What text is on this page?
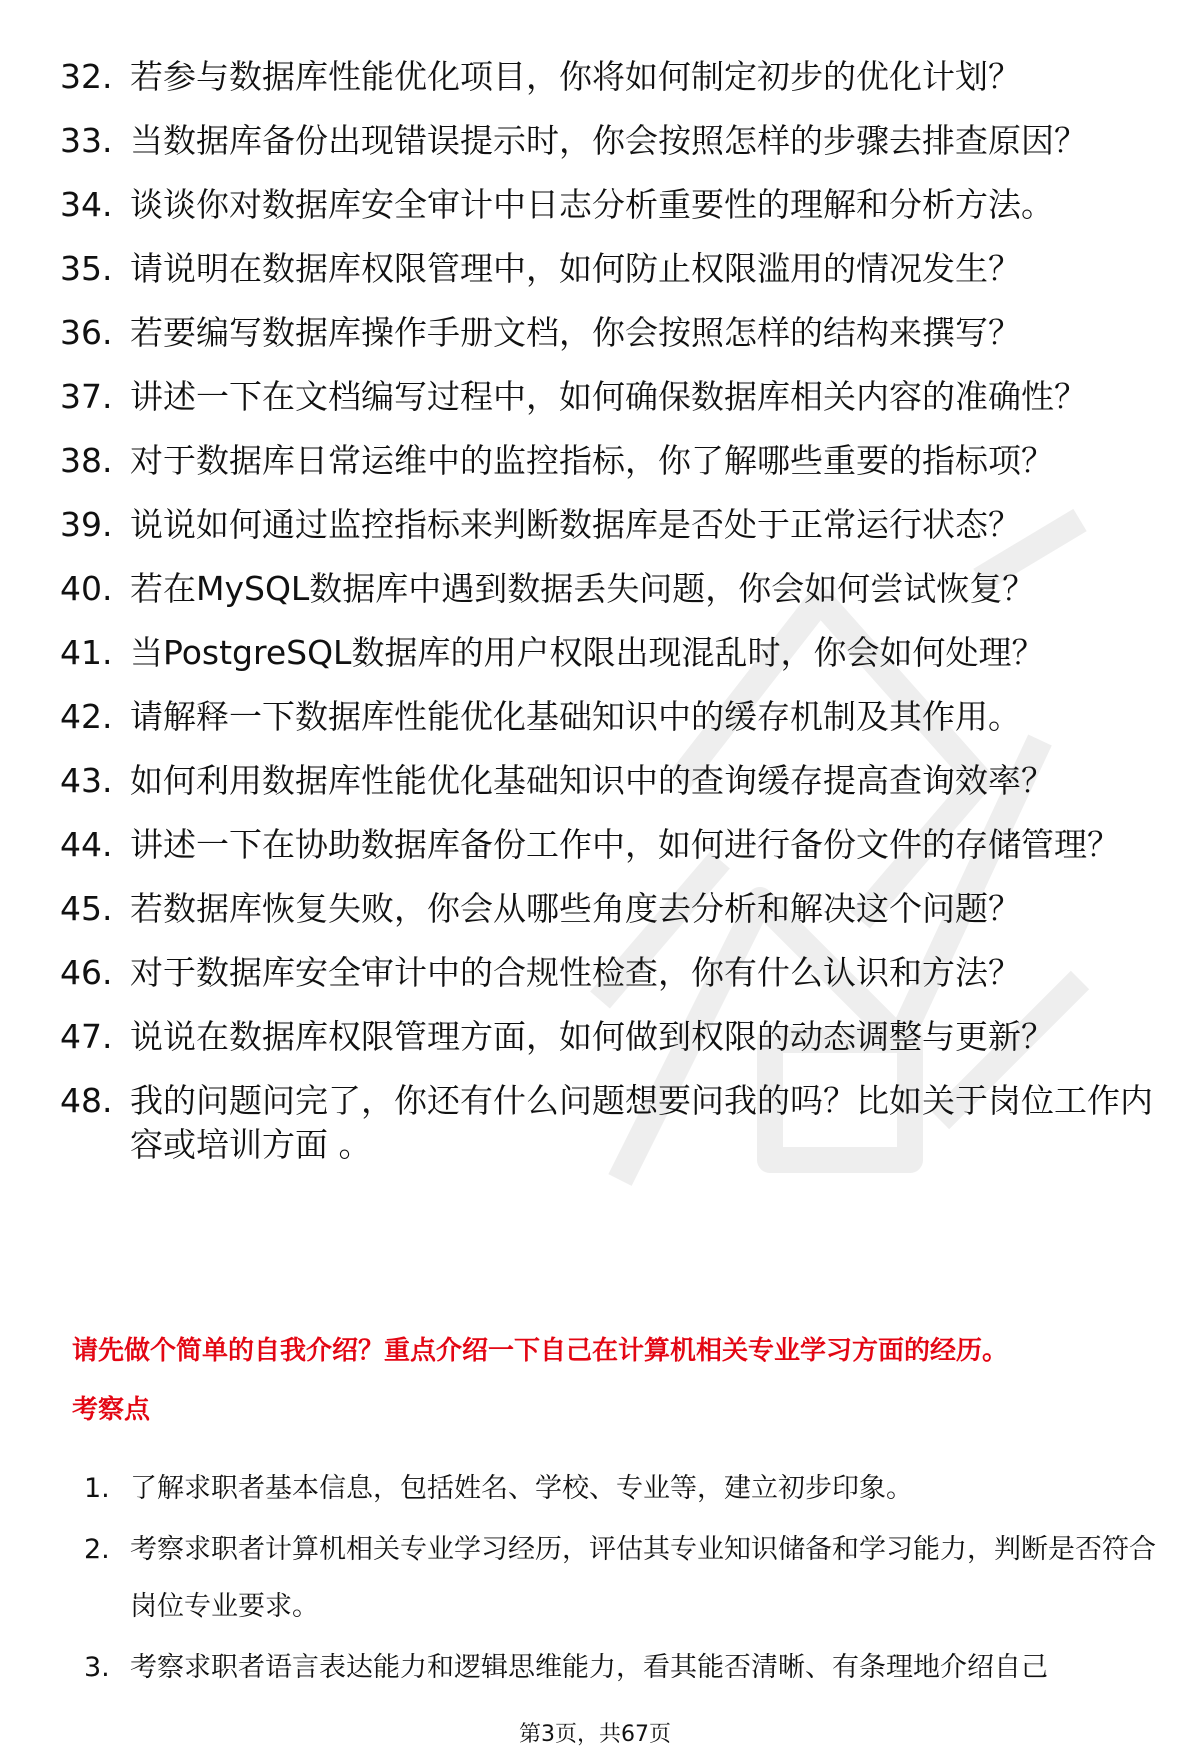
32. 若参与数据库性能优化项目，你将如何制定初步的优化计划？
33. 当数据库备份出现错误提示时，你会按照怎样的步骤去排查原因？
34. 谈谈你对数据库安全审计中日志分析重要性的理解和分析方法。
35. 请说明在数据库权限管理中，如何防止权限滥用的情况发生？
36. 若要编写数据库操作手册文档，你会按照怎样的结构来撰写？
37. 讲述一下在文档编写过程中，如何确保数据库相关内容的准确性？
38. 对于数据库日常运维中的监控指标，你了解哪些重要的指标项？
39. 说说如何通过监控指标来判断数据库是否处于正常运行状态？
40. 若在MySQL数据库中遇到数据丢失问题，你会如何尝试恢复？
41. 当PostgreSQL数据库的用户权限出现混乱时，你会如何处理？
42. 请解释一下数据库性能优化基础知识中的缓存机制及其作用。
43. 如何利用数据库性能优化基础知识中的查询缓存提高查询效率？
44. 讲述一下在协助数据库备份工作中，如何进行备份文件的存储管理？
45. 若数据库恢复失败，你会从哪些角度去分析和解决这个问题？
46. 对于数据库安全审计中的合规性检查，你有什么认识和方法？
47. 说说在数据库权限管理方面，如何做到权限的动态调整与更新？
48. 我的问题问完了，你还有什么问题想要问我的吗？比如关于岗位工作内容或培训方面 。
请先做个简单的自我介绍？重点介绍一下自己在计算机相关专业学习方面的经历。
考察点
1. 了解求职者基本信息，包括姓名、学校、专业等，建立初步印象。
2. 考察求职者计算机相关专业学习经历，评估其专业知识储备和学习能力，判断是否符合岗位专业要求。
3. 考察求职者语言表达能力和逻辑思维能力，看其能否清晰、有条理地介绍自己
第3页，共67页
